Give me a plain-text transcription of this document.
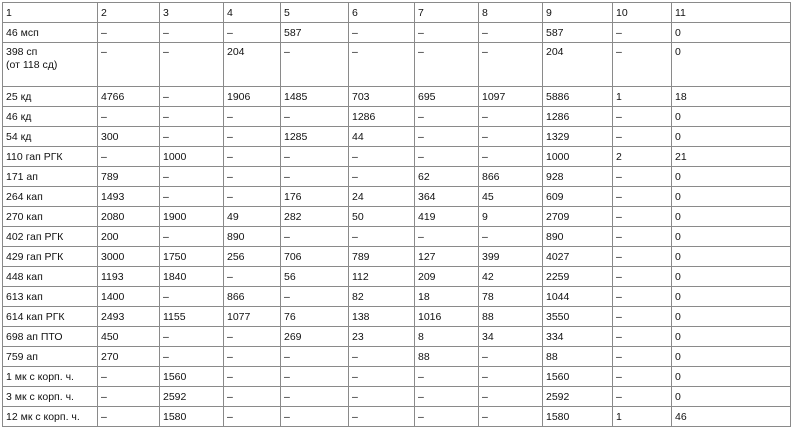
1	2	3	4	5	6	7	8	9	10	11

46 мсп	–	–	–	587	–	–	–	587	–	0

398 сп
(от 118 сд)	–	–	204	–	–	–	–	204	–	0

25 кд	4766	–	1906	1485	703	695	1097	5886	1	18

46 кд	–	–	–	–	1286	–	–	1286	–	0

54 кд	300	–	–	1285	44	–	–	1329	–	0

110 гап РГК	–	1000	–	–	–	–	–	1000	2	21

171 ап	789	–	–	–	–	62	866	928	–	0

264 кап	1493	–	–	176	24	364	45	609	–	0

270 кап	2080	1900	49	282	50	419	9	2709	–	0

402 гап РГК	200	–	890	–	–	–	–	890	–	0

429 гап РГК	3000	1750	256	706	789	127	399	4027	–	0

448 кап	1193	1840	–	56	112	209	42	2259	–	0

613 кап	1400	–	866	–	82	18	78	1044	–	0

614 кап РГК	2493	1155	1077	76	138	1016	88	3550	–	0

698 ап ПТО	450	–	–	269	23	8	34	334	–	0

759 ап	270	–	–	–	–	88	–	88	–	0

1 мк с корп. ч.	–	1560	–	–	–	–	–	1560	–	0

3 мк с корп. ч.	–	2592	–	–	–	–	–	2592	–	0

12 мк с корп. ч.	–	1580	–	–	–	–	–	1580	1	46
